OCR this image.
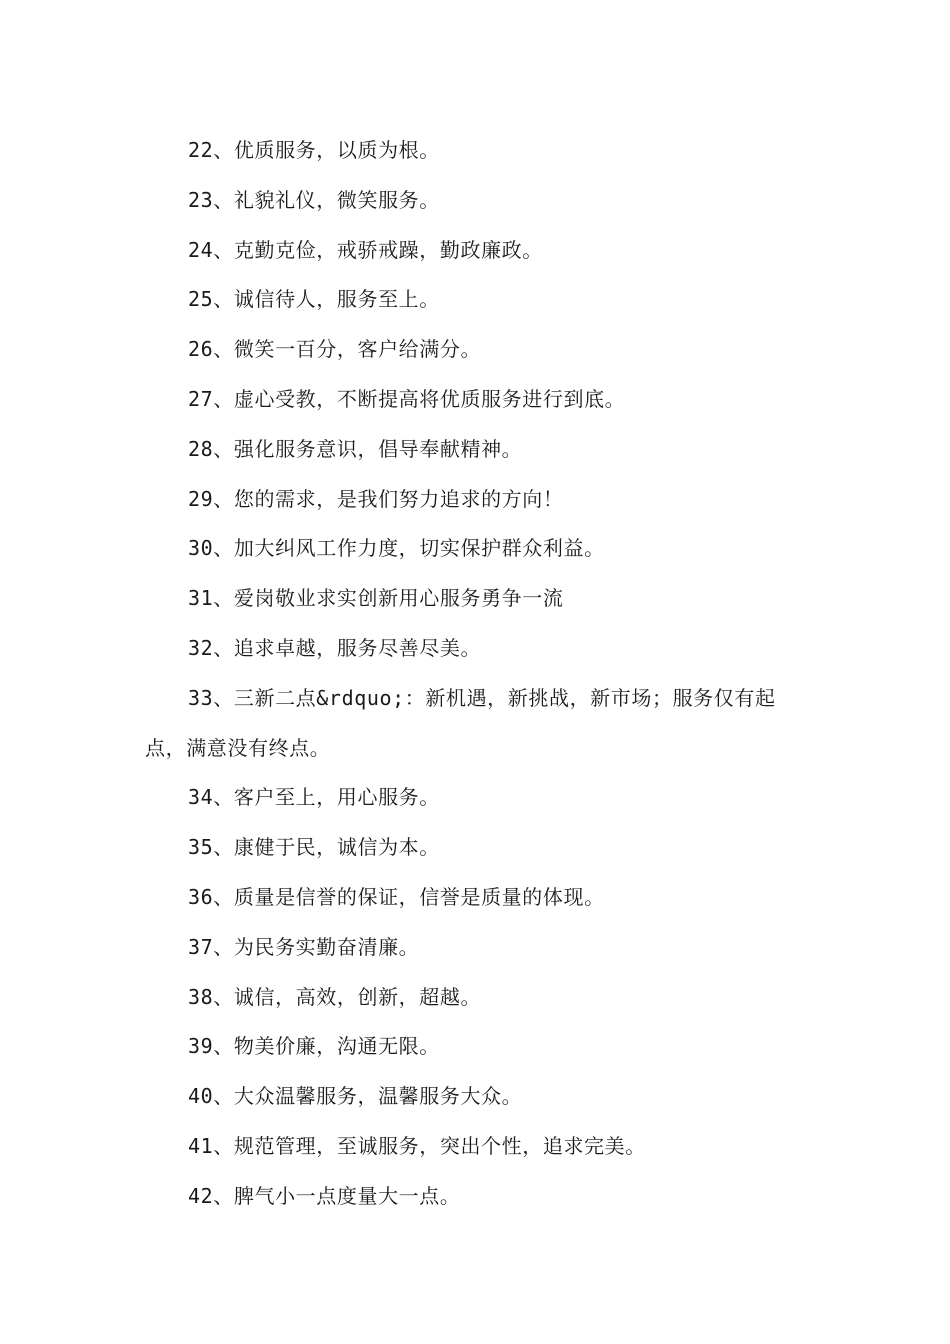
22、优质服务，以质为根。

23、礼貌礼仪，微笑服务。

24、克勤克俭，戒骄戒躁，勤政廉政。

25、诚信待人，服务至上。

26、微笑一百分，客户给满分。

27、虚心受教，不断提高将优质服务进行到底。

28、强化服务意识，倡导奉献精神。

29、您的需求，是我们努力追求的方向！

30、加大纠风工作力度，切实保护群众利益。

31、爱岗敬业求实创新用心服务勇争一流

32、追求卓越，服务尽善尽美。

33、三新二点&rdquo;：新机遇，新挑战，新市场；服务仅有起点，满意没有终点。

34、客户至上，用心服务。

35、康健于民，诚信为本。

36、质量是信誉的保证，信誉是质量的体现。

37、为民务实勤奋清廉。

38、诚信，高效，创新，超越。

39、物美价廉，沟通无限。

40、大众温馨服务，温馨服务大众。

41、规范管理，至诚服务，突出个性，追求完美。

42、脾气小一点度量大一点。
